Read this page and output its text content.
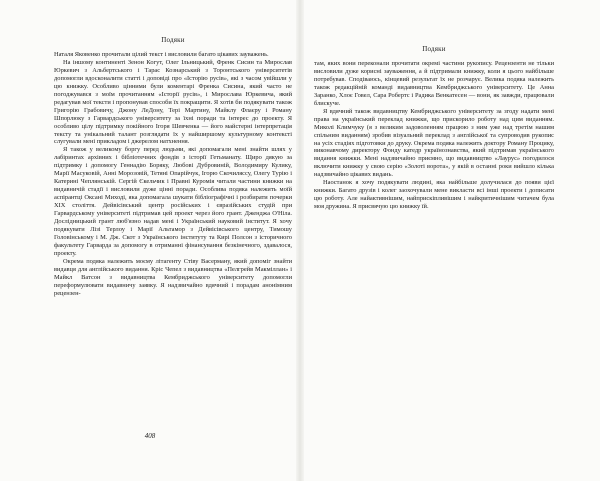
Подяки

Наталя Яковенко прочитали цілий текст і висловили багато цікавих зауважень.

На іншому континенті Зенон Когут, Олег Ільницький, Френк Сисин та Мирослав Юркевич з Альбертського і Тарас Кознарський з Торонтського університетів допомогли вдосконалити статті і доповіді про «Історію русів», які з часом увійшли у цю книжку. Особливо цінними були коментарі Френка Сисина, який часто не погоджувався з моїм прочитанням «Історії русів», і Мирослава Юркевича, який редагував мої тексти і пропонував способи їх покращити. Я хотів би подякувати також Григорію Грабовичу, Джону ЛеДону, Тері Мартину, Майклу Флаєру і Роману Шпорлюку з Гарвардського університету за їхні поради та інтерес до проекту. Я особливо цілу підтримку покійного Ігоря Шевченка — його майстерні інтерпретація тексту та унікальний талант розглядати їх у найширшому культурному контексті слугували мені прикладом і джерелом натхнення.

Я також у великому боргу перед людьми, які допомагали мені знайти шлях у лабіринтах архівних і бібліотечних фондів з історії Гетьманату. Щиро дякую за підтримку і допомогу Геннадію Боряку, Любові Дубровиній, Володимиру Кулику, Марії Масуковій, Анні Морозовій, Тетяні Опарійчук, Ігорю Скочиляссу, Олегу Турію і Катерині Чеплянській. Сергій Єкельчик і Правні Куромія читали частини книжки на видавничій стадії і висловили дуже цінні поради. Особлива подяка належить моїй аспірантці Оксані Миході, яка допомагала шукати бібліографічні і розбирати почерки XIX століття. Дейвісівський центр російських і євразійських студій при Гарвардському університеті підтримав цей проект через його грант. Дженджа О'Ніла. Дослідницький грант люб'язно надав мені і Український науковий інститут. Я хочу подякувати Лізі Терлоу і Марії Альтамор з Дейвісівського центру, Тимошу Головінському і М. Дж. Скот з Українського інституту та Кирі Полсон з історичного факультету Гарварда за допомогу в отриманні фінансування безкінечного, здавалося, проекту.

Окрема подяка належить моєму літагенту Стіву Васерману, який допоміг знайти видавця для англійського видання. Кріс Чепел з видавництва «Пелгрейв Макміллан» і Майкл Ватсон з видавництва Кембриджського університету допомогли переформулювати видавничу заявку. Я надзвичайно вдячний і порадам анонімним рецензен-

408
Подяки

там, яких вони переконали прочитати окремі частини рукопису. Рецензенти не тільки висловили дуже корисні зауваження, а й підтримали книжку, коли я цього найбільше потребував. Сподіваюсь, кінцевий результат їх не розчарує. Велика подяка належить також редакційній команді видавництва Кембриджського університету. Це Анна Заранко, Хлоє Говел, Сара Робертс і Радика Венкатесен — вони, як завжди, працювали блискуче.

Я вдячний також видавництву Кембриджського університету за згоду надати мені права на український переклад книжки, що прискорило роботу над цим виданням. Миколі Климчуку (я з великим задоволенням працюю з ним уже над третім нашим спільним виданням) зробив візуальний переклад з англійської та супроводив рукопис на усіх стадіях підготовки до друку. Окрема подяка належить доктору Роману Процику, виконавчому директору Фонду катедр українознавства, який підтримав українського видання книжки. Мені надзвичайно приємно, що видавництво «Лаурус» погодилося включити книжку у свою серію «Золоті ворота», у якій в останні роки вийшло кілька надзвичайно цікавих видань.

Наостанок я хочу подякувати людині, яка найбільше долучилася до появи цієї книжки. Багато друзів і колег заохочували мене викласти всі інші проекти і дописати цю роботу. Але найактивнішим, найприскіпливішим і найкритичнішим читачем була моя дружина. Я присвячую цю книжку їй.
